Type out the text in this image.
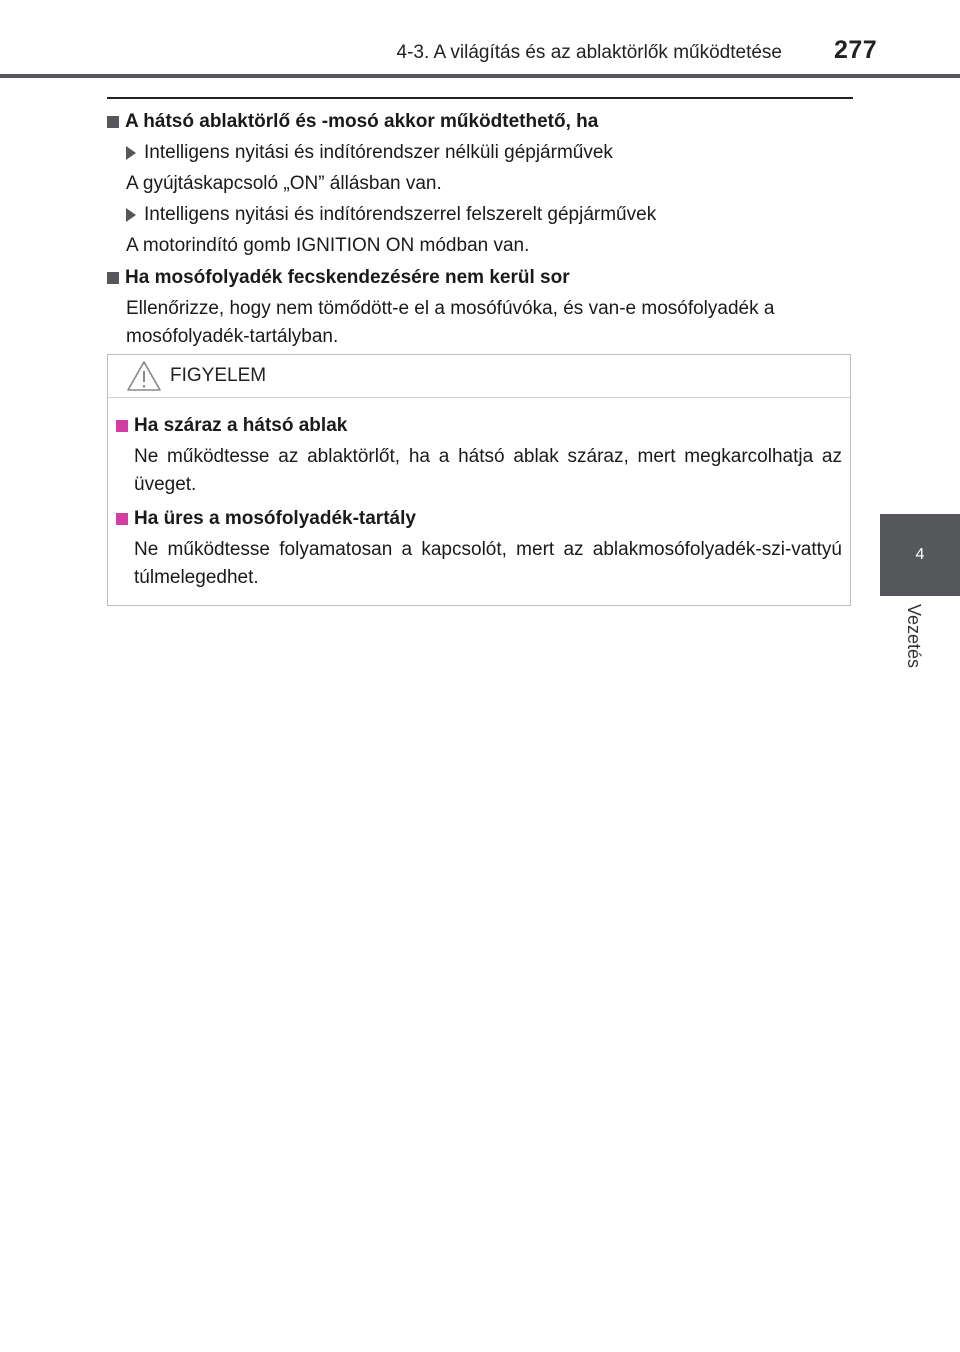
4-3. A világítás és az ablaktörlők működtetése 277
4
Vezetés
A hátsó ablaktörlő és -mosó akkor működtethető, ha
Intelligens nyitási és indítórendszer nélküli gépjárművek
A gyújtáskapcsoló „ON” állásban van.
Intelligens nyitási és indítórendszerrel felszerelt gépjárművek
A motorindító gomb IGNITION ON módban van.
Ha mosófolyadék fecskendezésére nem kerül sor
Ellenőrizze, hogy nem tömődött-e el a mosófúvóka, és van-e mosófolyadék a mosófolyadék-tartályban.
FIGYELEM
Ha száraz a hátsó ablak
Ne működtesse az ablaktörlőt, ha a hátsó ablak száraz, mert megkarcolhatja az üveget.
Ha üres a mosófolyadék-tartály
Ne működtesse folyamatosan a kapcsolót, mert az ablakmosófolyadék-szi-vattyú túlmelegedhet.
